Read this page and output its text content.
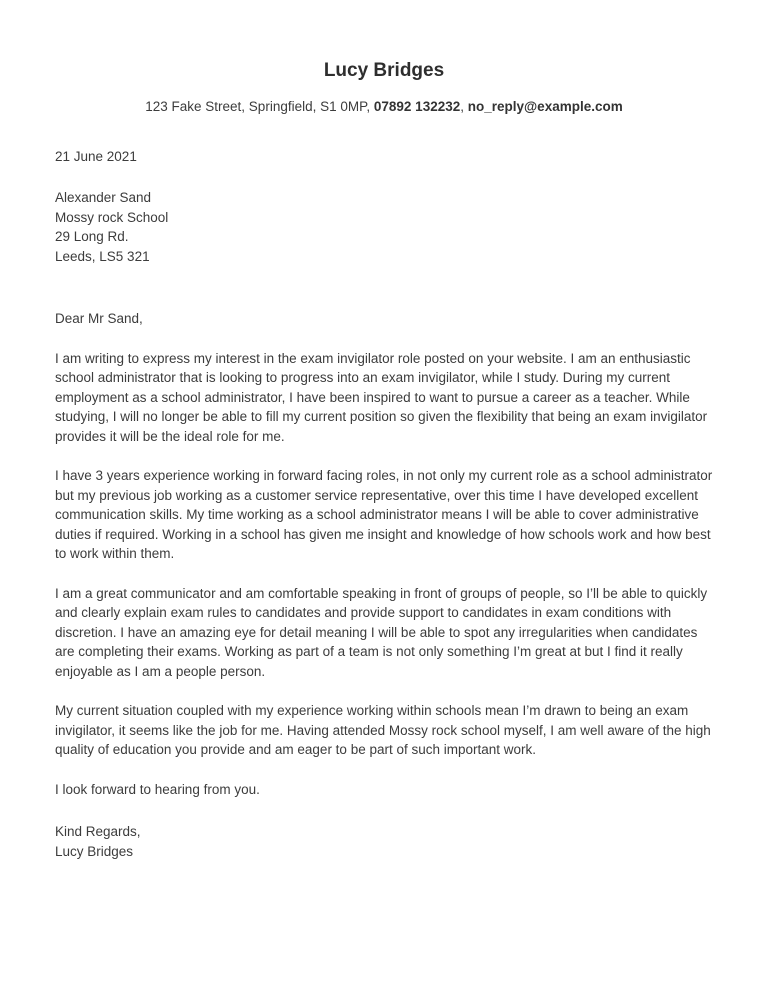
Lucy Bridges

123 Fake Street, Springfield, S1 0MP, 07892 132232, no_reply@example.com

21 June 2021

Alexander Sand
Mossy rock School
29 Long Rd.
Leeds, LS5 321

Dear Mr Sand,

I am writing to express my interest in the exam invigilator role posted on your website. I am an enthusiastic school administrator that is looking to progress into an exam invigilator, while I study. During my current employment as a school administrator, I have been inspired to want to pursue a career as a teacher. While studying, I will no longer be able to fill my current position so given the flexibility that being an exam invigilator provides it will be the ideal role for me.

I have 3 years experience working in forward facing roles, in not only my current role as a school administrator but my previous job working as a customer service representative, over this time I have developed excellent communication skills. My time working as a school administrator means I will be able to cover administrative duties if required. Working in a school has given me insight and knowledge of how schools work and how best to work within them.

I am a great communicator and am comfortable speaking in front of groups of people, so I’ll be able to quickly and clearly explain exam rules to candidates and provide support to candidates in exam conditions with discretion. I have an amazing eye for detail meaning I will be able to spot any irregularities when candidates are completing their exams. Working as part of a team is not only something I’m great at but I find it really enjoyable as I am a people person.

My current situation coupled with my experience working within schools mean I’m drawn to being an exam invigilator, it seems like the job for me. Having attended Mossy rock school myself, I am well aware of the high quality of education you provide and am eager to be part of such important work.

I look forward to hearing from you.

Kind Regards,
Lucy Bridges
